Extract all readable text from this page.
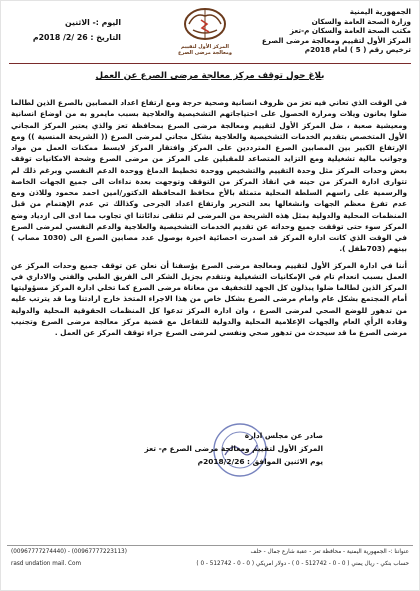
الجمهورية اليمنية
وزارة الصحة العامة والسكان
مكتب الصحة العامة والسكان م-تعز
المركز الأول لتقييم ومعالجة مرضى الصرع
ترخيص رقم ( 5 ) لعام 2018م
المركز الأول لتقييم
ومعالجة مرضى الصرع
اليوم :- الاثنين
التاريخ : 26 /2/ 2018م
بلاغ حول توقف مركز معالجة مرضى الصرع عن العمل

في الوقت الذي تعاني فيه تعز من ظروف انسانية وصحية حرجة ومع ارتفاع اعداد المصابين بالصرع الذين لطالما ضلوا يعانون ويلات ومرارة الحصول على احتياجاتهم التشخيصية والعلاجية بسبب مايمرو به من اوضاع انسانية ومعيشية صعبة ، ضل المركز الأول لتقييم ومعالجة مرضى الصرع بمحافظة تعز والذي يعتبر المركز المجاني الأول المتخصص بتقديم الخدمات التشخيصية والعلاجية بشكل مجاني لمرضى الصرع (( الشريحة المنسية )) ومع الإرتفاع الكبير بين المصابين الصرع المترددين على المركز وافتقار المركز لابسط ممكنات العمل من مواد وجوانب مالية تشغيلية ومع التزايد المتصاعد للمقبلين على المركز من مرضى الصرع وشحة الامكانيات توقف بعض وحدات المركز مثل وحدة التقييم والتشخيص ووحدة تخطيط الدماغ ووحدة الدعم النفسي وبرغم ذلك لم تتوارى ادارة المركز من حينه في انقاذ المركز من التوقف وتوجهت بعدة نداءات الى جميع الجهات الخاصة والرسمية على راسهم السلطة المحلية متمثلة بالأخ محافظ المحافظة الدكتور/امين احمد محمود وللاذن ومع عدم تفرغ معظم الجهات وانشغالها بعد التحرير وارتفاع اعداد الجرحى وكذالك تي عدم الإهتمام من قبل المنظمات المحلية والدولية بمثل هذه الشريحة من المرضى لم تتلقى ندائاتنا اي تجاوب مما ادى الى ازدياد وضع المركز سوء حتى توقفت جميع وحداته عن تقديم الخدمات التشخيصية والعلاجية والدعم النفسي لمرضى الصرع في الوقت الذي كانت ادارة المركز قد اصدرت احصائية اخيرة بوصول عدد مصابين الصرع الى (1030 مصاب ) بينهم (703طفل ).

أننا في ادارة المركز الأول لتقييم ومعالجة مرضى الصرع يؤسفنا أن نعلن عن توقف جميع وحدات المركز عن العمل بسبب انعدام تام في الإمكانيات التشغيلية ونتقدم بجزيل الشكر الى الفريق الطبي والفني والاداري في المركز الذين لطالما ضلوا يبذلون كل الجهد للتخفيف من معاناة مرضى الصرع كما تخلي ادارة المركز مسؤوليتها أمام المجتمع بشكل عام وامام مرضى الصرع بشكل خاص من هذا الاجراء المتخذ خارج ارادتنا وما قد يترتب عليه من تدهور للوضع الصحي لمرضى الصرع ، وان ادارة المركز تدعوا كل المنظمات الحقوقية المحلية والدولية وقادة الرأي العام والجهات الإعلامية المحلية والدولية للتفاعل مع قضية مركز معالجة مرضى الصرع وتجنيب مرضى الصرع ما قد سيحدث من تدهور صحي ونفسي لمرضى الصرع جراء توقف المركز عن العمل .

صادر عن مجلس ادارة
المركز الأول لتقييم ومعالجة مرضى الصرع م- تعز
يوم الاثنين الموافق : 2018/2/26م
عنواننا :- الجمهورية اليمنية - محافظة تعز - عقبة شارع جمال - خلف
(00967777223113) - (00967777274440)
حساب بنكي - ريال يمني ( 0 - 0 - 512742 - 0 ) - دولار امريكي ( 0 - 0 - 512742 - 0 )
rasd undation mail. Com
